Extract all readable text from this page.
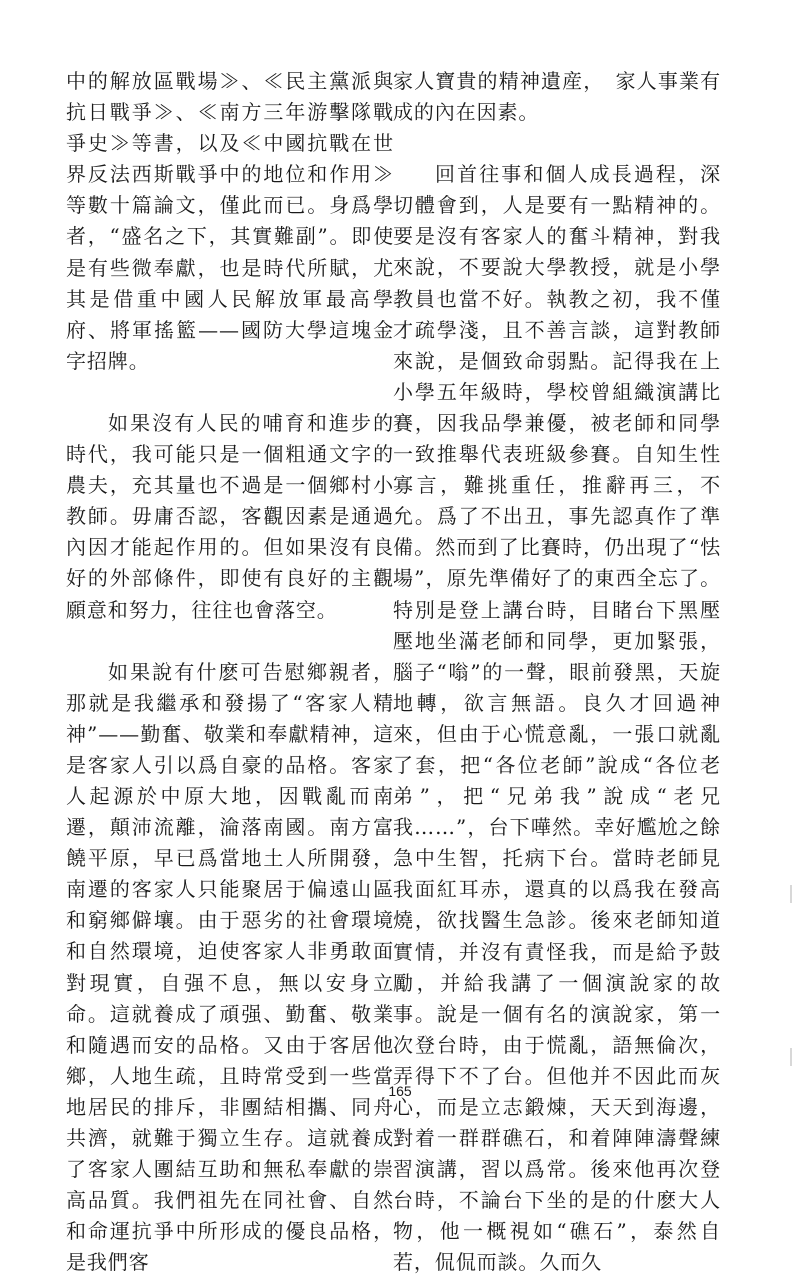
中的解放區戰場≫、≪民主黨派與抗日戰爭≫、≪南方三年游擊隊戰爭史≫等書，以及≪中國抗戰在世界反法西斯戰爭中的地位和作用≫等數十篇論文，僅此而已。身爲學者，“盛名之下，其實難副”。即使是有些微奉獻，也是時代所賦，尤其是借重中國人民解放軍最高學府、將軍搖籃——國防大學這塊金字招牌。

如果沒有人民的哺育和進步的時代，我可能只是一個粗通文字的農夫，充其量也不過是一個鄉村小教師。毋庸否認，客觀因素是通過內因才能起作用的。但如果沒有良好的外部條件，即使有良好的主觀願意和努力，往往也會落空。

如果說有什麽可告慰鄉親者，那就是我繼承和發揚了“客家人精神”——勤奮、敬業和奉獻精神，這是客家人引以爲自豪的品格。客家人起源於中原大地，因戰亂而南遷，顛沛流離，淪落南國。南方富饒平原，早已爲當地土人所開發，南遷的客家人只能聚居于偏遠山區和窮鄉僻壤。由于惡劣的社會環境和自然環境，迫使客家人非勇敢面對現實，自强不息，無以安身立命。這就養成了頑强、勤奮、敬業和隨遇而安的品格。又由于客居他鄉，人地生疏，且時常受到一些當地居民的排斥，非團結相攜、同舟共濟，就難于獨立生存。這就養成了客家人團結互助和無私奉獻的崇高品質。我們祖先在同社會、自然和命運抗爭中所形成的優良品格，是我們客

家人寶貴的精神遺産，　家人事業有成的內在因素。

回首往事和個人成長過程，深切體會到，人是要有一點精神的。要是沒有客家人的奮斗精神，對我來說，不要說大學教授，就是小學教員也當不好。執教之初，我不僅才疏學淺，且不善言談，這對教師來說，是個致命弱點。記得我在上小學五年級時，學校曾組織演講比賽，因我品學兼優，被老師和同學一致推舉代表班級參賽。自知生性寡言，難挑重任，推辭再三，不允。爲了不出丑，事先認真作了準備。然而到了比賽時，仍出現了“怯場”，原先準備好了的東西全忘了。特別是登上講台時，目睹台下黑壓壓地坐滿老師和同學，更加緊張，腦子“嗡”的一聲，眼前發黑，天旋地轉，欲言無語。良久才回過神來，但由于心慌意亂，一張口就亂了套，把“各位老師”說成“各位老弟”，把“兄弟我”說成“老兄我……”，台下嘩然。幸好尷尬之餘急中生智，托病下台。當時老師見我面紅耳赤，還真的以爲我在發高燒，欲找醫生急診。後來老師知道實情，并沒有責怪我，而是給予鼓勵，并給我講了一個演說家的故事。說是一個有名的演說家，第一次登台時，由于慌亂，語無倫次，弄得下不了台。但他并不因此而灰心，而是立志鍛煉，天天到海邊，對着一群群礁石，和着陣陣濤聲練習演講，習以爲常。後來他再次登台時，不論台下坐的是的什麽大人物，他一概視如“礁石”，泰然自若，侃侃而談。久而久

165
